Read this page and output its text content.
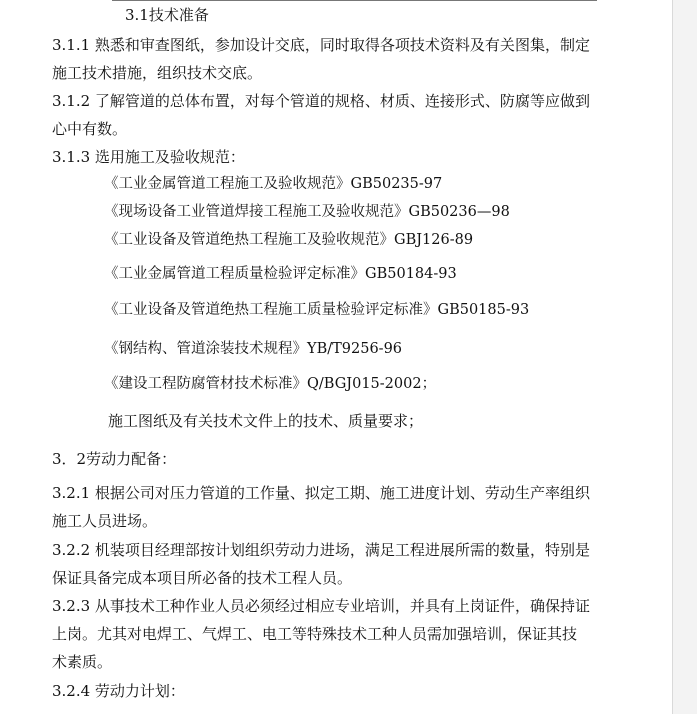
3.1技术准备
3.1.1 熟悉和审查图纸，参加设计交底，同时取得各项技术资料及有关图集，制定
施工技术措施，组织技术交底。
3.1.2 了解管道的总体布置，对每个管道的规格、材质、连接形式、防腐等应做到
心中有数。
3.1.3 选用施工及验收规范：
《工业金属管道工程施工及验收规范》GB50235-97
《现场设备工业管道焊接工程施工及验收规范》GB50236—98
《工业设备及管道绝热工程施工及验收规范》GBJ126-89
《工业金属管道工程质量检验评定标准》GB50184-93
《工业设备及管道绝热工程施工质量检验评定标准》GB50185-93
《钢结构、管道涂装技术规程》YB/T9256-96
《建设工程防腐管材技术标准》Q/BGJ015-2002；
施工图纸及有关技术文件上的技术、质量要求；
3．2劳动力配备：
3.2.1 根据公司对压力管道的工作量、拟定工期、施工进度计划、劳动生产率组织
施工人员进场。
3.2.2 机装项目经理部按计划组织劳动力进场，满足工程进展所需的数量，特别是
保证具备完成本项目所必备的技术工程人员。
3.2.3 从事技术工种作业人员必须经过相应专业培训，并具有上岗证件，确保持证
上岗。尤其对电焊工、气焊工、电工等特殊技术工种人员需加强培训，保证其技
术素质。
3.2.4 劳动力计划：
